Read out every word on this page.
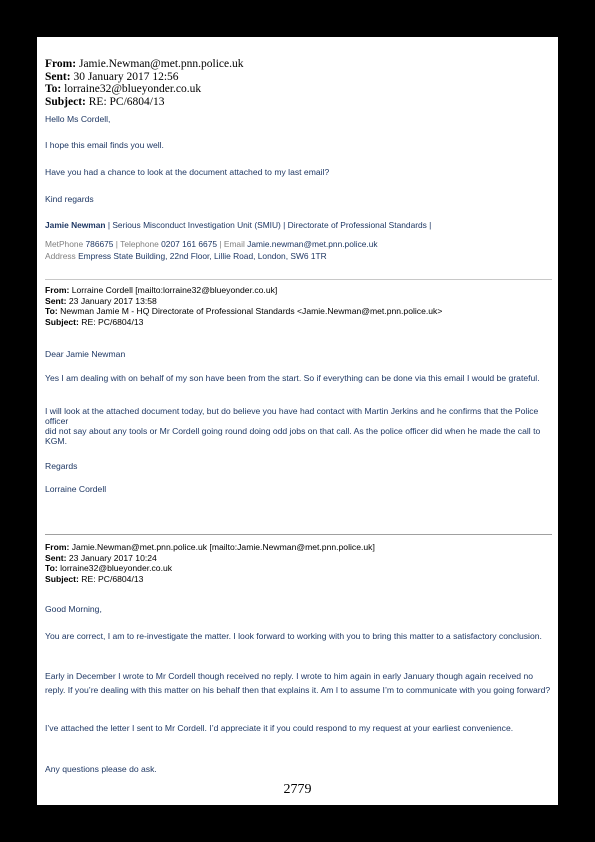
From: Jamie.Newman@met.pnn.police.uk
Sent: 30 January 2017 12:56
To: lorraine32@blueyonder.co.uk
Subject: RE: PC/6804/13

Hello Ms Cordell,

I hope this email finds you well.

Have you had a chance to look at the document attached to my last email?

Kind regards

Jamie Newman | Serious Misconduct Investigation Unit (SMIU) | Directorate of Professional Standards |

MetPhone 786675 | Telephone 0207 161 6675 | Email Jamie.newman@met.pnn.police.uk

Address Empress State Building, 22nd Floor, Lillie Road, London, SW6 1TR

From: Lorraine Cordell [mailto:lorraine32@blueyonder.co.uk]
Sent: 23 January 2017 13:58
To: Newman Jamie M - HQ Directorate of Professional Standards <Jamie.Newman@met.pnn.police.uk>
Subject: RE: PC/6804/13

Dear Jamie Newman

Yes I am dealing with on behalf of my son have been from the start. So if everything can be done via this email I would be grateful.

I will look at the attached document today, but do believe you have had contact with Martin Jerkins and he confirms that the Police officer
did not say about any tools or Mr Cordell going round doing odd jobs on that call. As the police officer did when he made the call to KGM.

Regards

Lorraine Cordell

From: Jamie.Newman@met.pnn.police.uk [mailto:Jamie.Newman@met.pnn.police.uk]
Sent: 23 January 2017 10:24
To: lorraine32@blueyonder.co.uk
Subject: RE: PC/6804/13

Good Morning,

You are correct, I am to re-investigate the matter. I look forward to working with you to bring this matter to a satisfactory conclusion.

Early in December I wrote to Mr Cordell though received no reply. I wrote to him again in early January though again received no reply. If you’re dealing with this matter on his behalf then that explains it. Am I to assume I’m to communicate with you going forward?

I’ve attached the letter I sent to Mr Cordell. I’d appreciate it if you could respond to my request at your earliest convenience.

Any questions please do ask.

2779
